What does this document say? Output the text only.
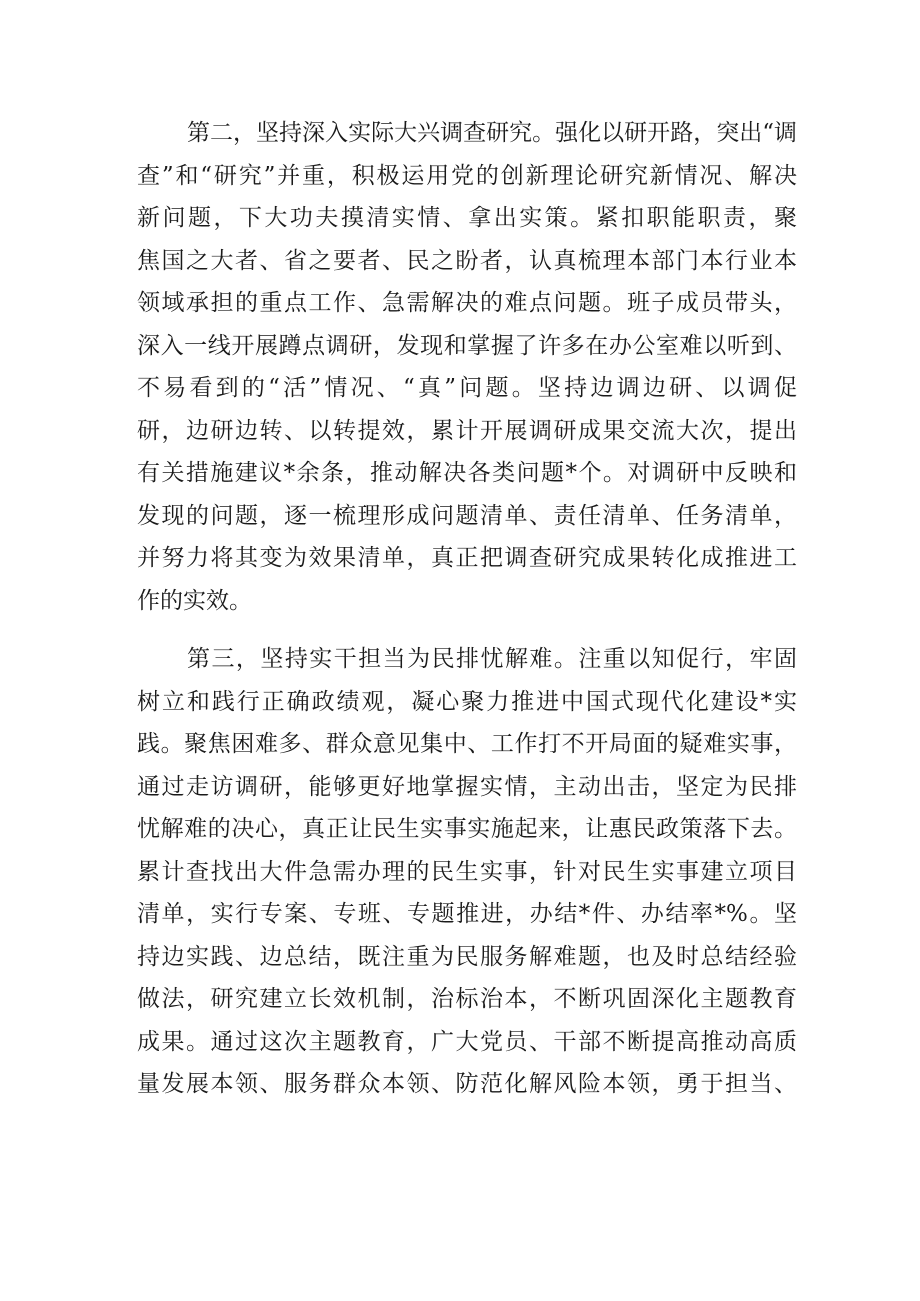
第二，坚持深入实际大兴调查研究。强化以研开路，突出“调
查”和“研究”并重，积极运用党的创新理论研究新情况、解决
新问题，下大功夫摸清实情、拿出实策。紧扣职能职责，聚
焦国之大者、省之要者、民之盼者，认真梳理本部门本行业本
领域承担的重点工作、急需解决的难点问题。班子成员带头，
深入一线开展蹲点调研，发现和掌握了许多在办公室难以听到、
不易看到的“活”情况、“真”问题。坚持边调边研、以调促
研，边研边转、以转提效，累计开展调研成果交流大次，提出
有关措施建议*余条，推动解决各类问题*个。对调研中反映和
发现的问题，逐一梳理形成问题清单、责任清单、任务清单，
并努力将其变为效果清单，真正把调查研究成果转化成推进工
作的实效。

第三，坚持实干担当为民排忧解难。注重以知促行，牢固
树立和践行正确政绩观，凝心聚力推进中国式现代化建设*实
践。聚焦困难多、群众意见集中、工作打不开局面的疑难实事，
通过走访调研，能够更好地掌握实情，主动出击，坚定为民排
忧解难的决心，真正让民生实事实施起来，让惠民政策落下去。
累计查找出大件急需办理的民生实事，针对民生实事建立项目
清单，实行专案、专班、专题推进，办结*件、办结率*%。坚
持边实践、边总结，既注重为民服务解难题，也及时总结经验
做法，研究建立长效机制，治标治本，不断巩固深化主题教育
成果。通过这次主题教育，广大党员、干部不断提高推动高质
量发展本领、服务群众本领、防范化解风险本领，勇于担当、
